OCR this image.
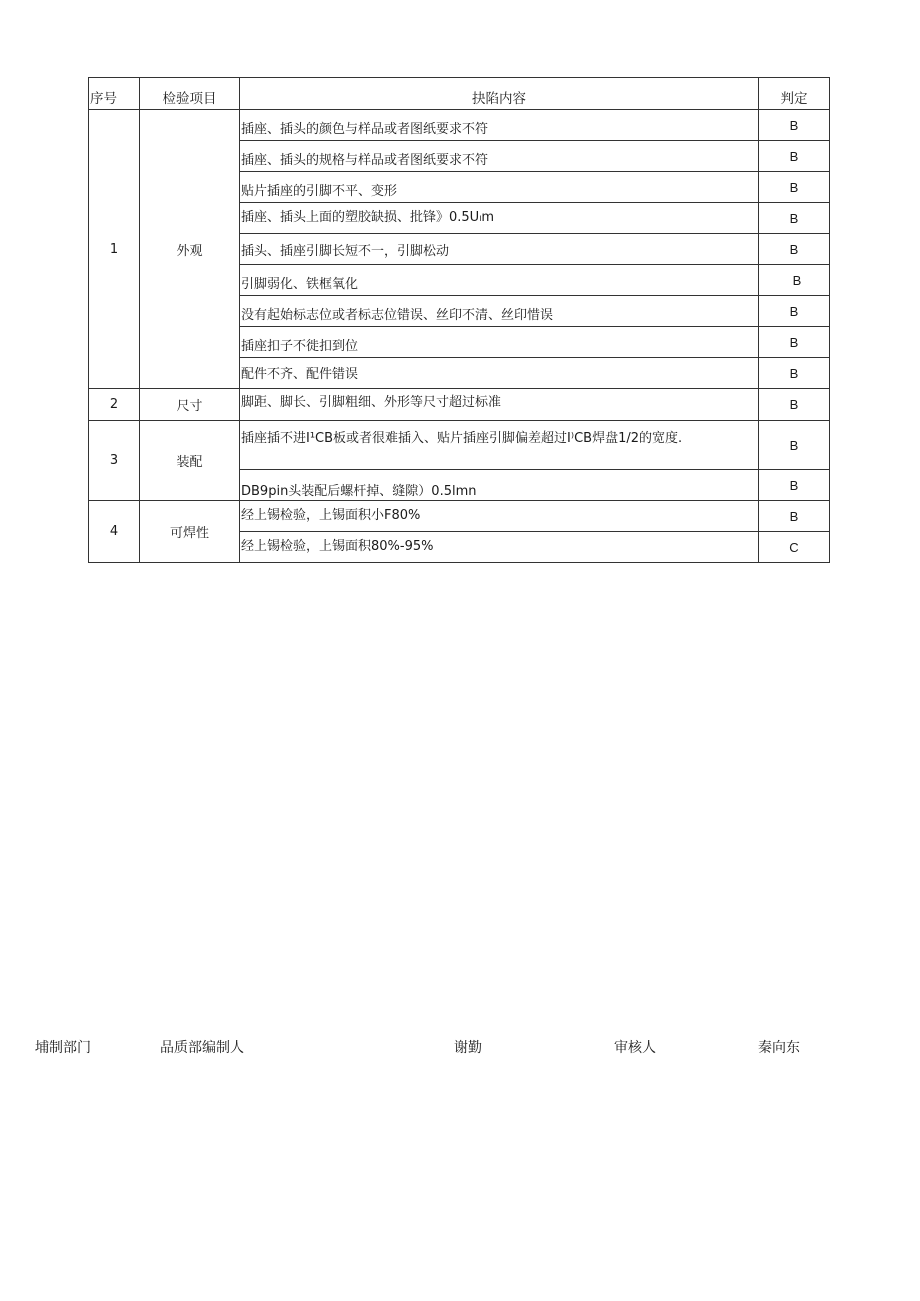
序号	检验项目	抉陷内容	判定
1	外观	插座、插头的颜色与样品或者图纸要求不符	B
		插座、插头的规格与样品或者图纸要求不符	B
		贴片插座的引脚不平、变形	B
		插座、插头上面的塑胶缺损、批锋》0.5Uₗm	B
		插头、插座引脚长短不一，引脚松动	B
		引脚弱化、铁框氧化	B
		没有起始标志位或者标志位错误、丝印不清、丝印惜误	B
		插座扣子不徙扣到位	B
		配件不齐、配件错误	B
2	尺寸	脚距、脚长、引脚粗细、外形等尺寸超过标准	B
3	装配	插座插不进I¹CB板或者很难插入、贴片插座引脚偏差超过I⁾CB焊盘1/2的宽度.	B
		DB9pin头装配后螺杆掉、缝隙）0.5lmn	B
4	可焊性	经上锡检验，上锡面积小F80%	B
		经上锡检验，上锡面积80%-95%	C
埔制部门	品质部编制人	谢勤	审核人	秦向东
